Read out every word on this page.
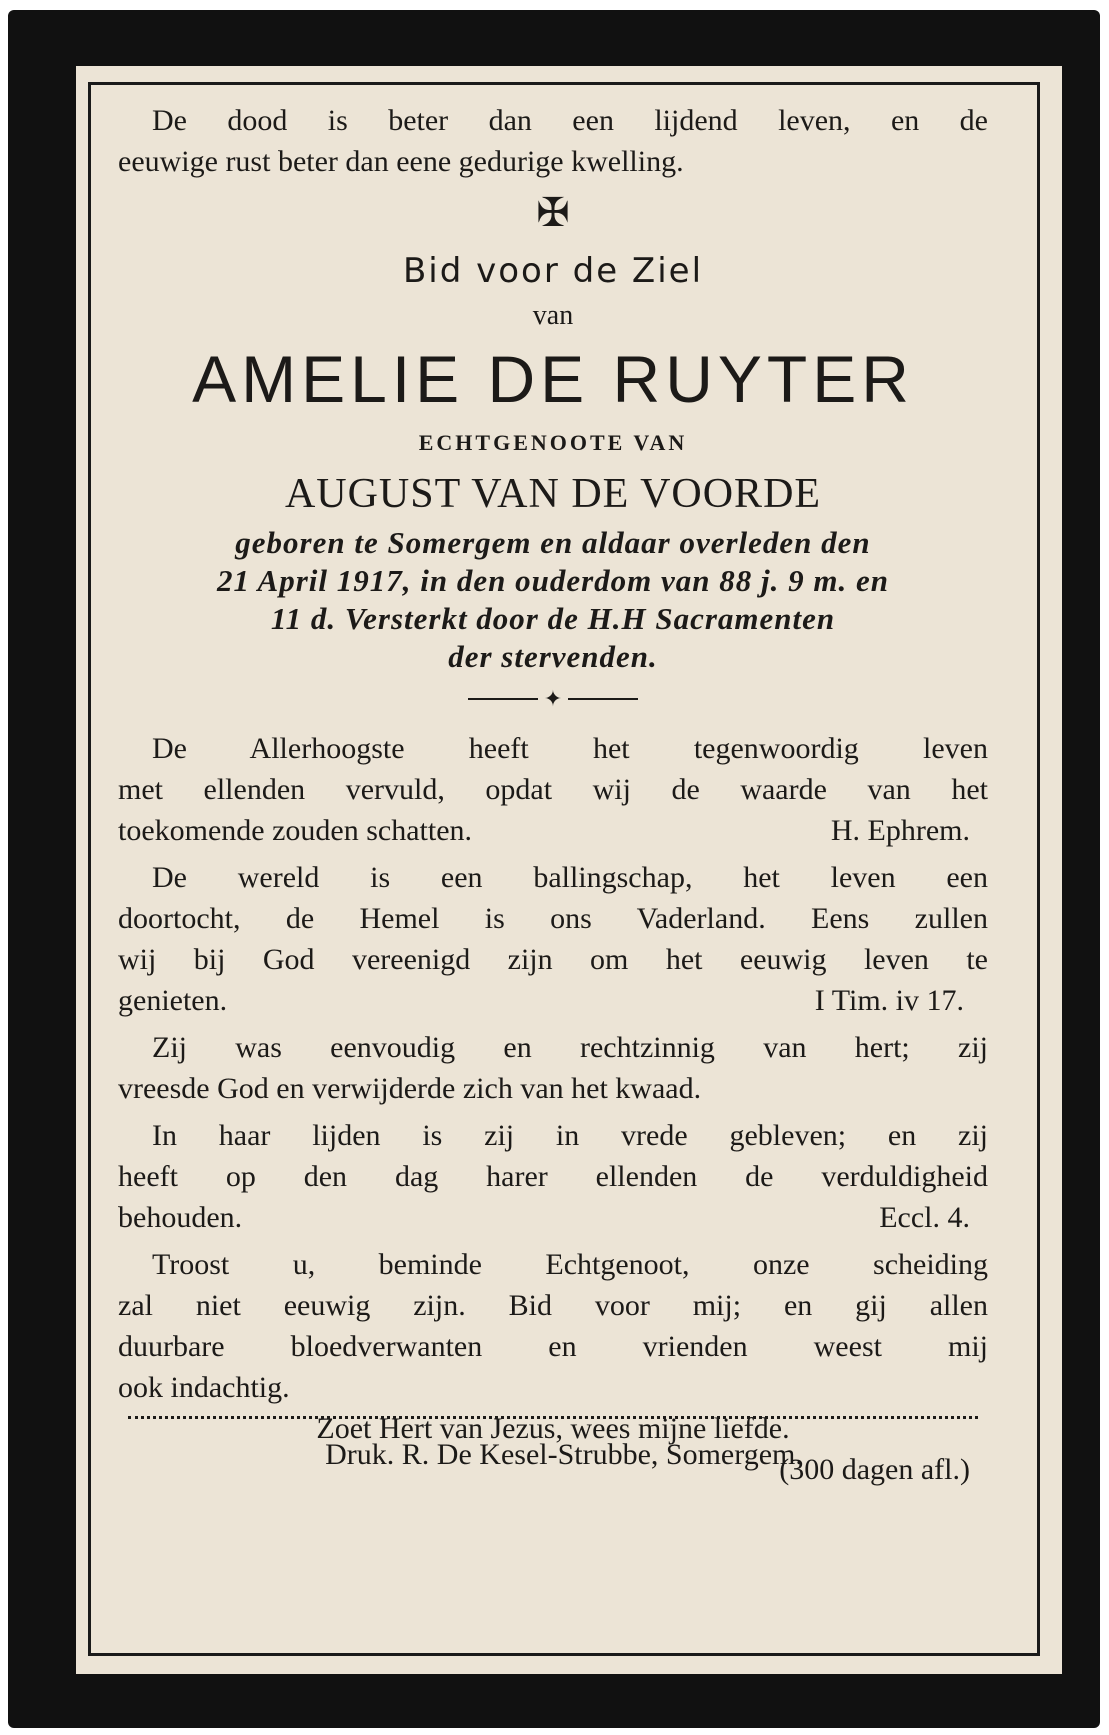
De dood is beter dan een lijdend leven, en de

eeuwige rust beter dan eene gedurige kwelling.

✠
Bid voor de Ziel
van
AMELIE DE RUYTER
ECHTGENOOTE VAN
AUGUST VAN DE VOORDE
geboren te Somergem en aldaar overleden den
21 April 1917, in den ouderdom van 88 j. 9 m. en
11 d. Versterkt door de H.H Sacramenten
der stervenden.
✦

De Allerhoogste heeft het tegenwoordig leven

met ellenden vervuld, opdat wij de waarde van het

toekomende zouden schatten.	H. Ephrem.

De wereld is een ballingschap, het leven een

doortocht, de Hemel is ons Vaderland. Eens zullen

wij bij God vereenigd zijn om het eeuwig leven te

genieten.	I Tim. iv 17.

Zij was eenvoudig en rechtzinnig van hert; zij

vreesde God en verwijderde zich van het kwaad.

In haar lijden is zij in vrede gebleven; en zij

heeft op den dag harer ellenden de verduldigheid

behouden.	Eccl. 4.

Troost u, beminde Echtgenoot, onze scheiding

zal niet eeuwig zijn. Bid voor mij; en gij allen

duurbare bloedverwanten en vrienden weest mij

ook indachtig.

Zoet Hert van Jezus, wees mijne liefde.
(300 dagen afl.)
Druk. R. De Kesel-Strubbe, Somergem.
